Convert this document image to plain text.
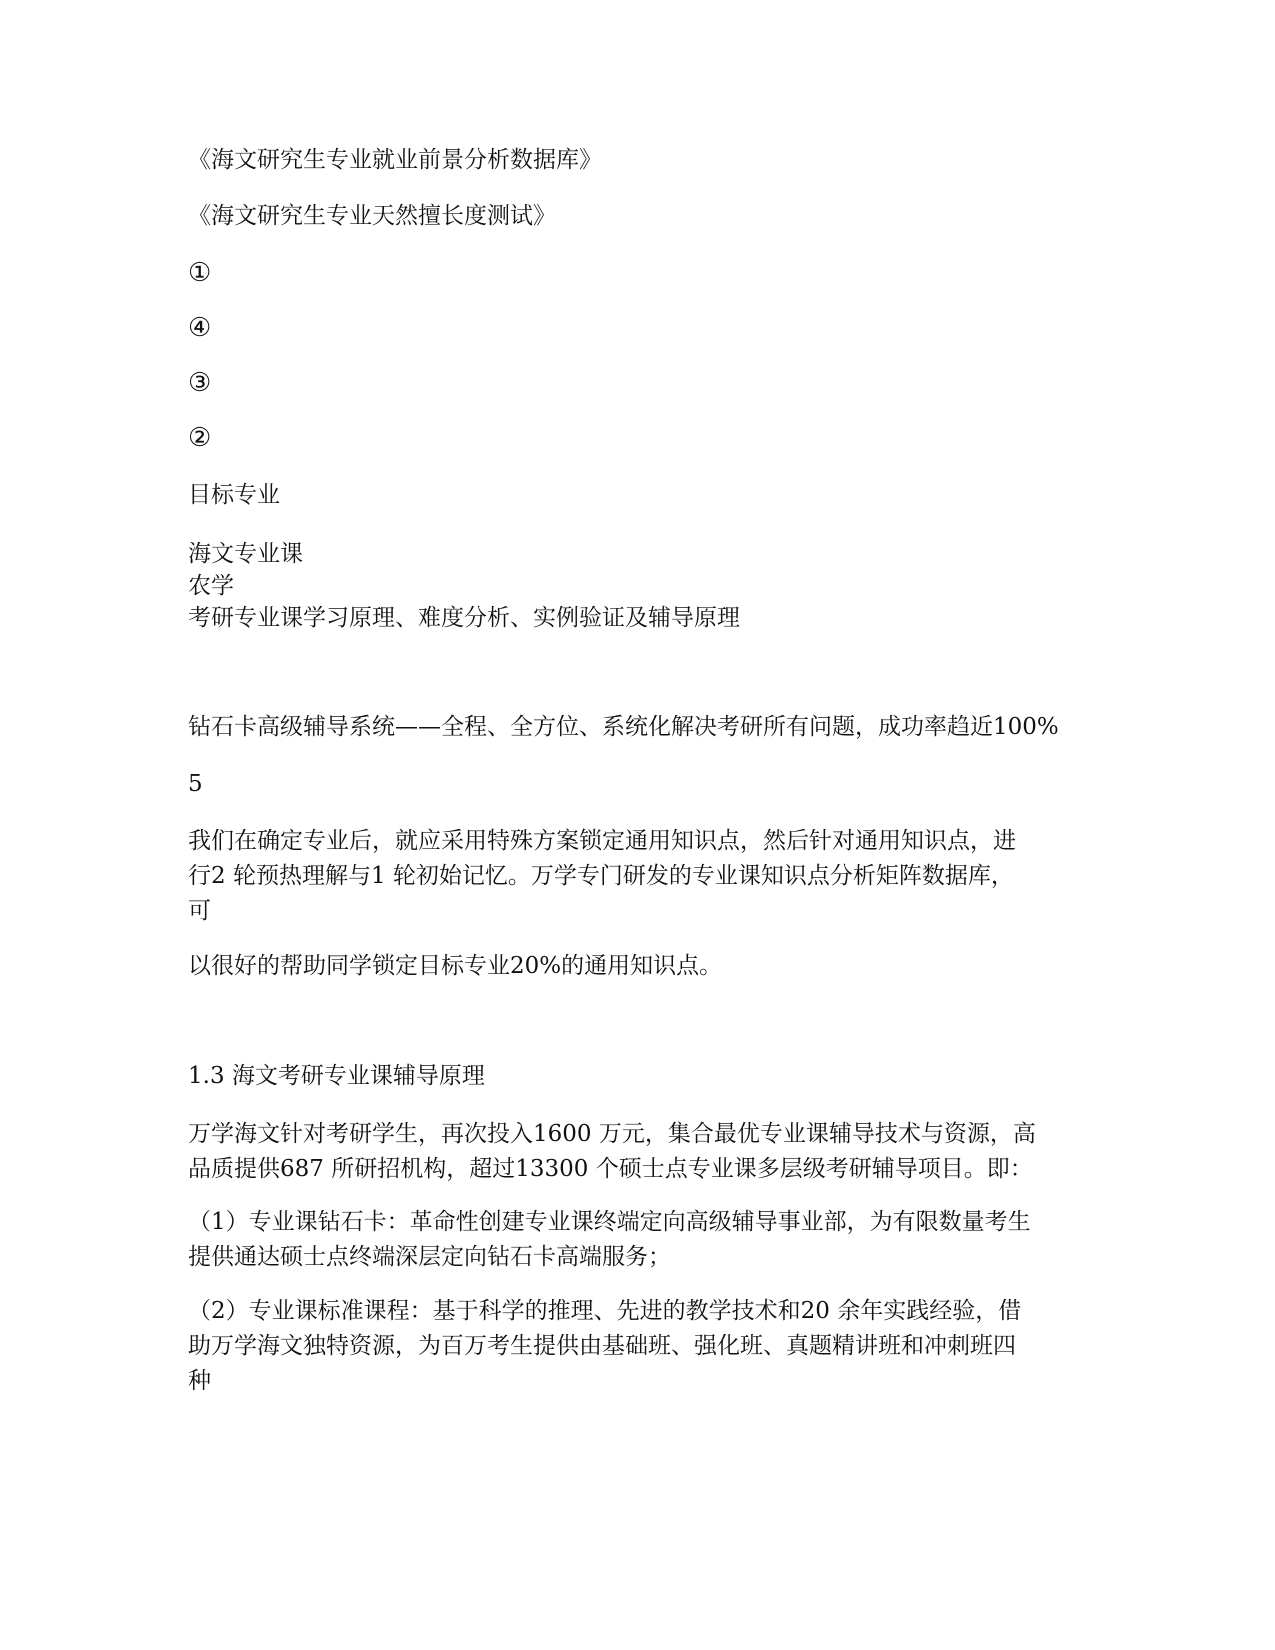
《海文研究生专业就业前景分析数据库》

《海文研究生专业天然擅长度测试》

①

④

③

②

目标专业

海文专业课
农学
考研专业课学习原理、难度分析、实例验证及辅导原理

钻石卡高级辅导系统——全程、全方位、系统化解决考研所有问题，成功率趋近100%

5

我们在确定专业后，就应采用特殊方案锁定通用知识点，然后针对通用知识点，进
行2 轮预热理解与1 轮初始记忆。万学专门研发的专业课知识点分析矩阵数据库，
可

以很好的帮助同学锁定目标专业20%的通用知识点。

1.3 海文考研专业课辅导原理

万学海文针对考研学生，再次投入1600 万元，集合最优专业课辅导技术与资源，高
品质提供687 所研招机构，超过13300 个硕士点专业课多层级考研辅导项目。即：
（1）专业课钻石卡：革命性创建专业课终端定向高级辅导事业部，为有限数量考生
提供通达硕士点终端深层定向钻石卡高端服务；
（2）专业课标准课程：基于科学的推理、先进的教学技术和20 余年实践经验，借
助万学海文独特资源，为百万考生提供由基础班、强化班、真题精讲班和冲刺班四
种
